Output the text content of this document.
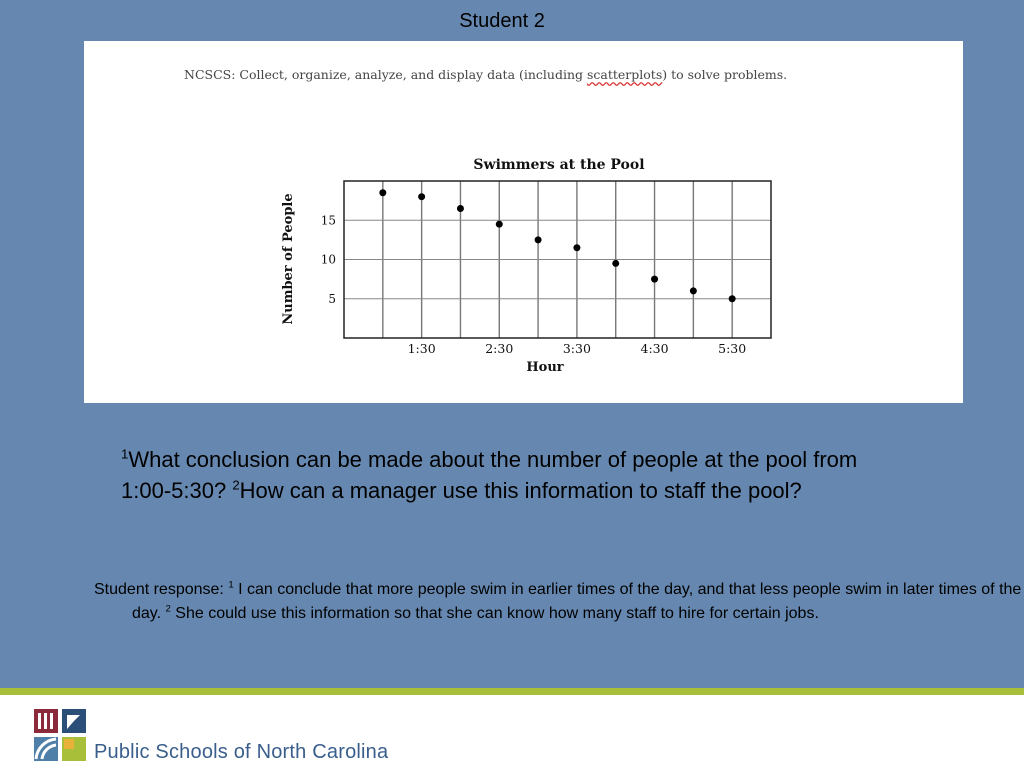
Student 2
NCSCS: Collect, organize, analyze, and display data (including scatterplots) to solve problems.
Swimmers at the Pool
5
10
15
1:30	2:30	3:30	4:30	5:30
Hour
Number of People
$^1$What conclusion can be made about the number of people at the pool from 1:00-5:30? $^2$How can a manager use this information to staff the pool?
Student response: $^1$ I can conclude that more people swim in earlier times of the day, and that less people swim in later times of the day. $^2$ She could use this information so that she can know how many staff to hire for certain jobs.
Public Schools of North Carolina
